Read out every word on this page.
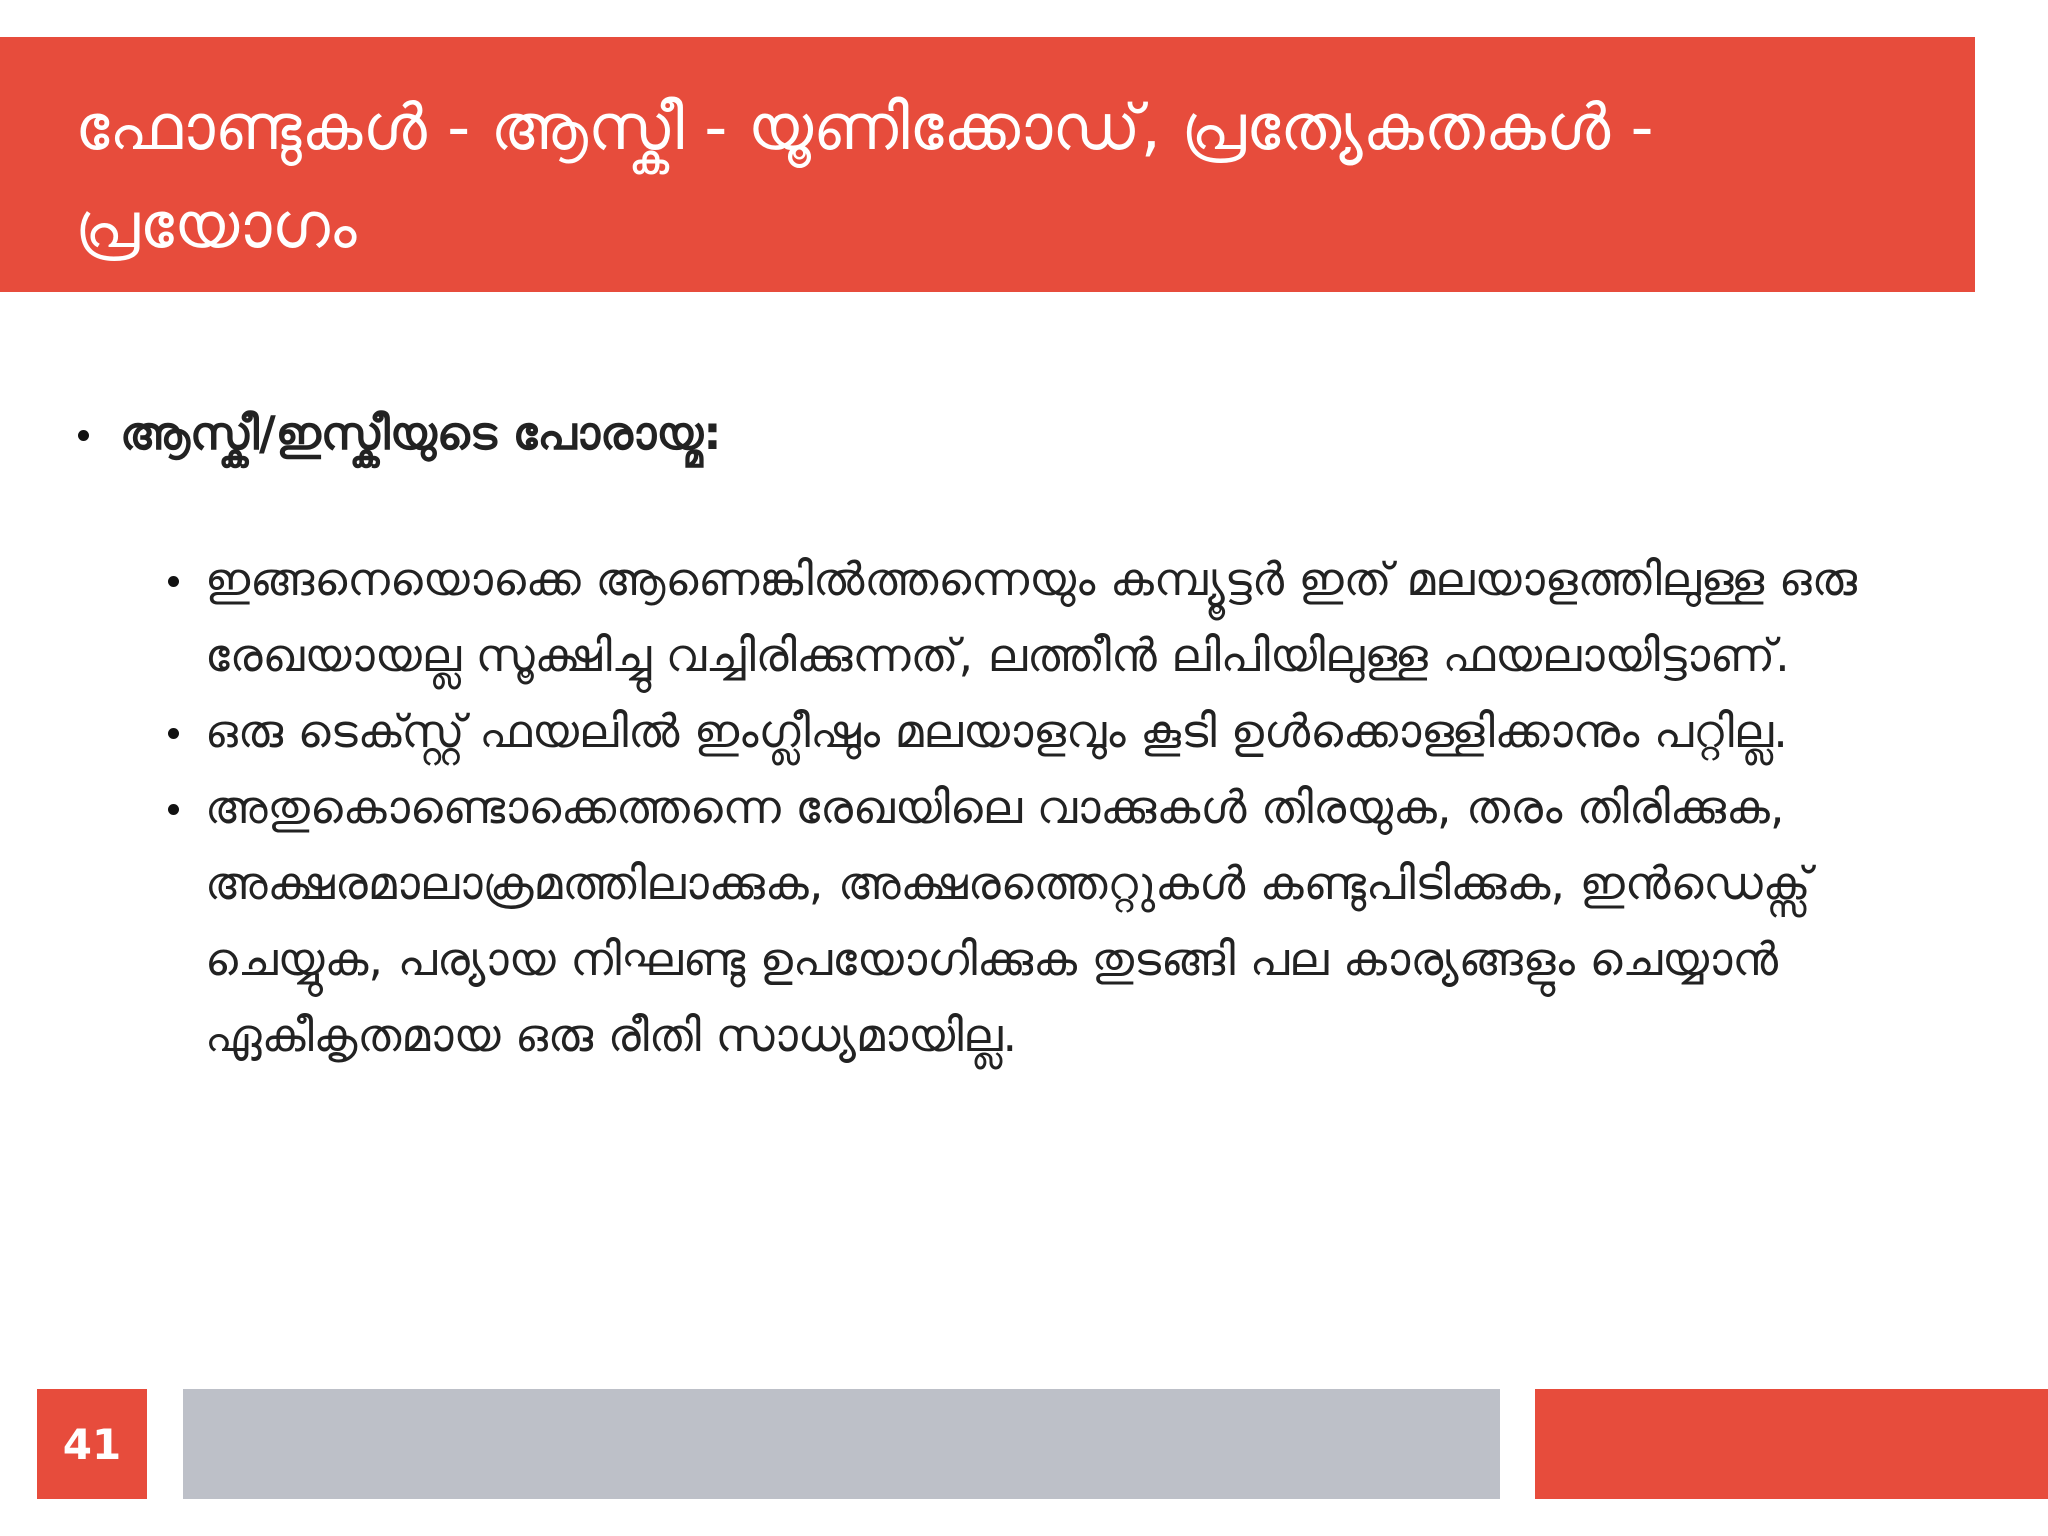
ഫോണ്ടുകൾ - ആസ്കീ - യൂണിക്കോഡ്, പ്രത്യേകതകൾ - പ്രയോഗം
ആസ്കീ/ഇസ്കീയുടെ പോരായ്മ:
ഇങ്ങനെയൊക്കെ ആണെങ്കിൽത്തന്നെയും കമ്പ്യൂട്ടർ ഇത് മലയാളത്തിലുള്ള ഒരു രേഖയായല്ല സൂക്ഷിച്ചു വച്ചിരിക്കുന്നത്, ലത്തീൻ ലിപിയിലുള്ള ഫയലായിട്ടാണ്.
ഒരു ടെക്സ്റ്റ് ഫയലിൽ ഇംഗ്ലീഷും മലയാളവും കൂടി ഉൾക്കൊള്ളിക്കാനും പറ്റില്ല.
അതുകൊണ്ടൊക്കെത്തന്നെ രേഖയിലെ വാക്കുകൾ തിരയുക, തരം തിരിക്കുക, അക്ഷരമാലാക്രമത്തിലാക്കുക, അക്ഷരത്തെറ്റുകൾ കണ്ടുപിടിക്കുക, ഇൻഡെക്സ് ചെയ്യുക, പര്യായ നിഘണ്ടു ഉപയോഗിക്കുക തുടങ്ങി പല കാര്യങ്ങളും ചെയ്യാൻ ഏകീകൃതമായ ഒരു രീതി സാധ്യമായില്ല.
41
